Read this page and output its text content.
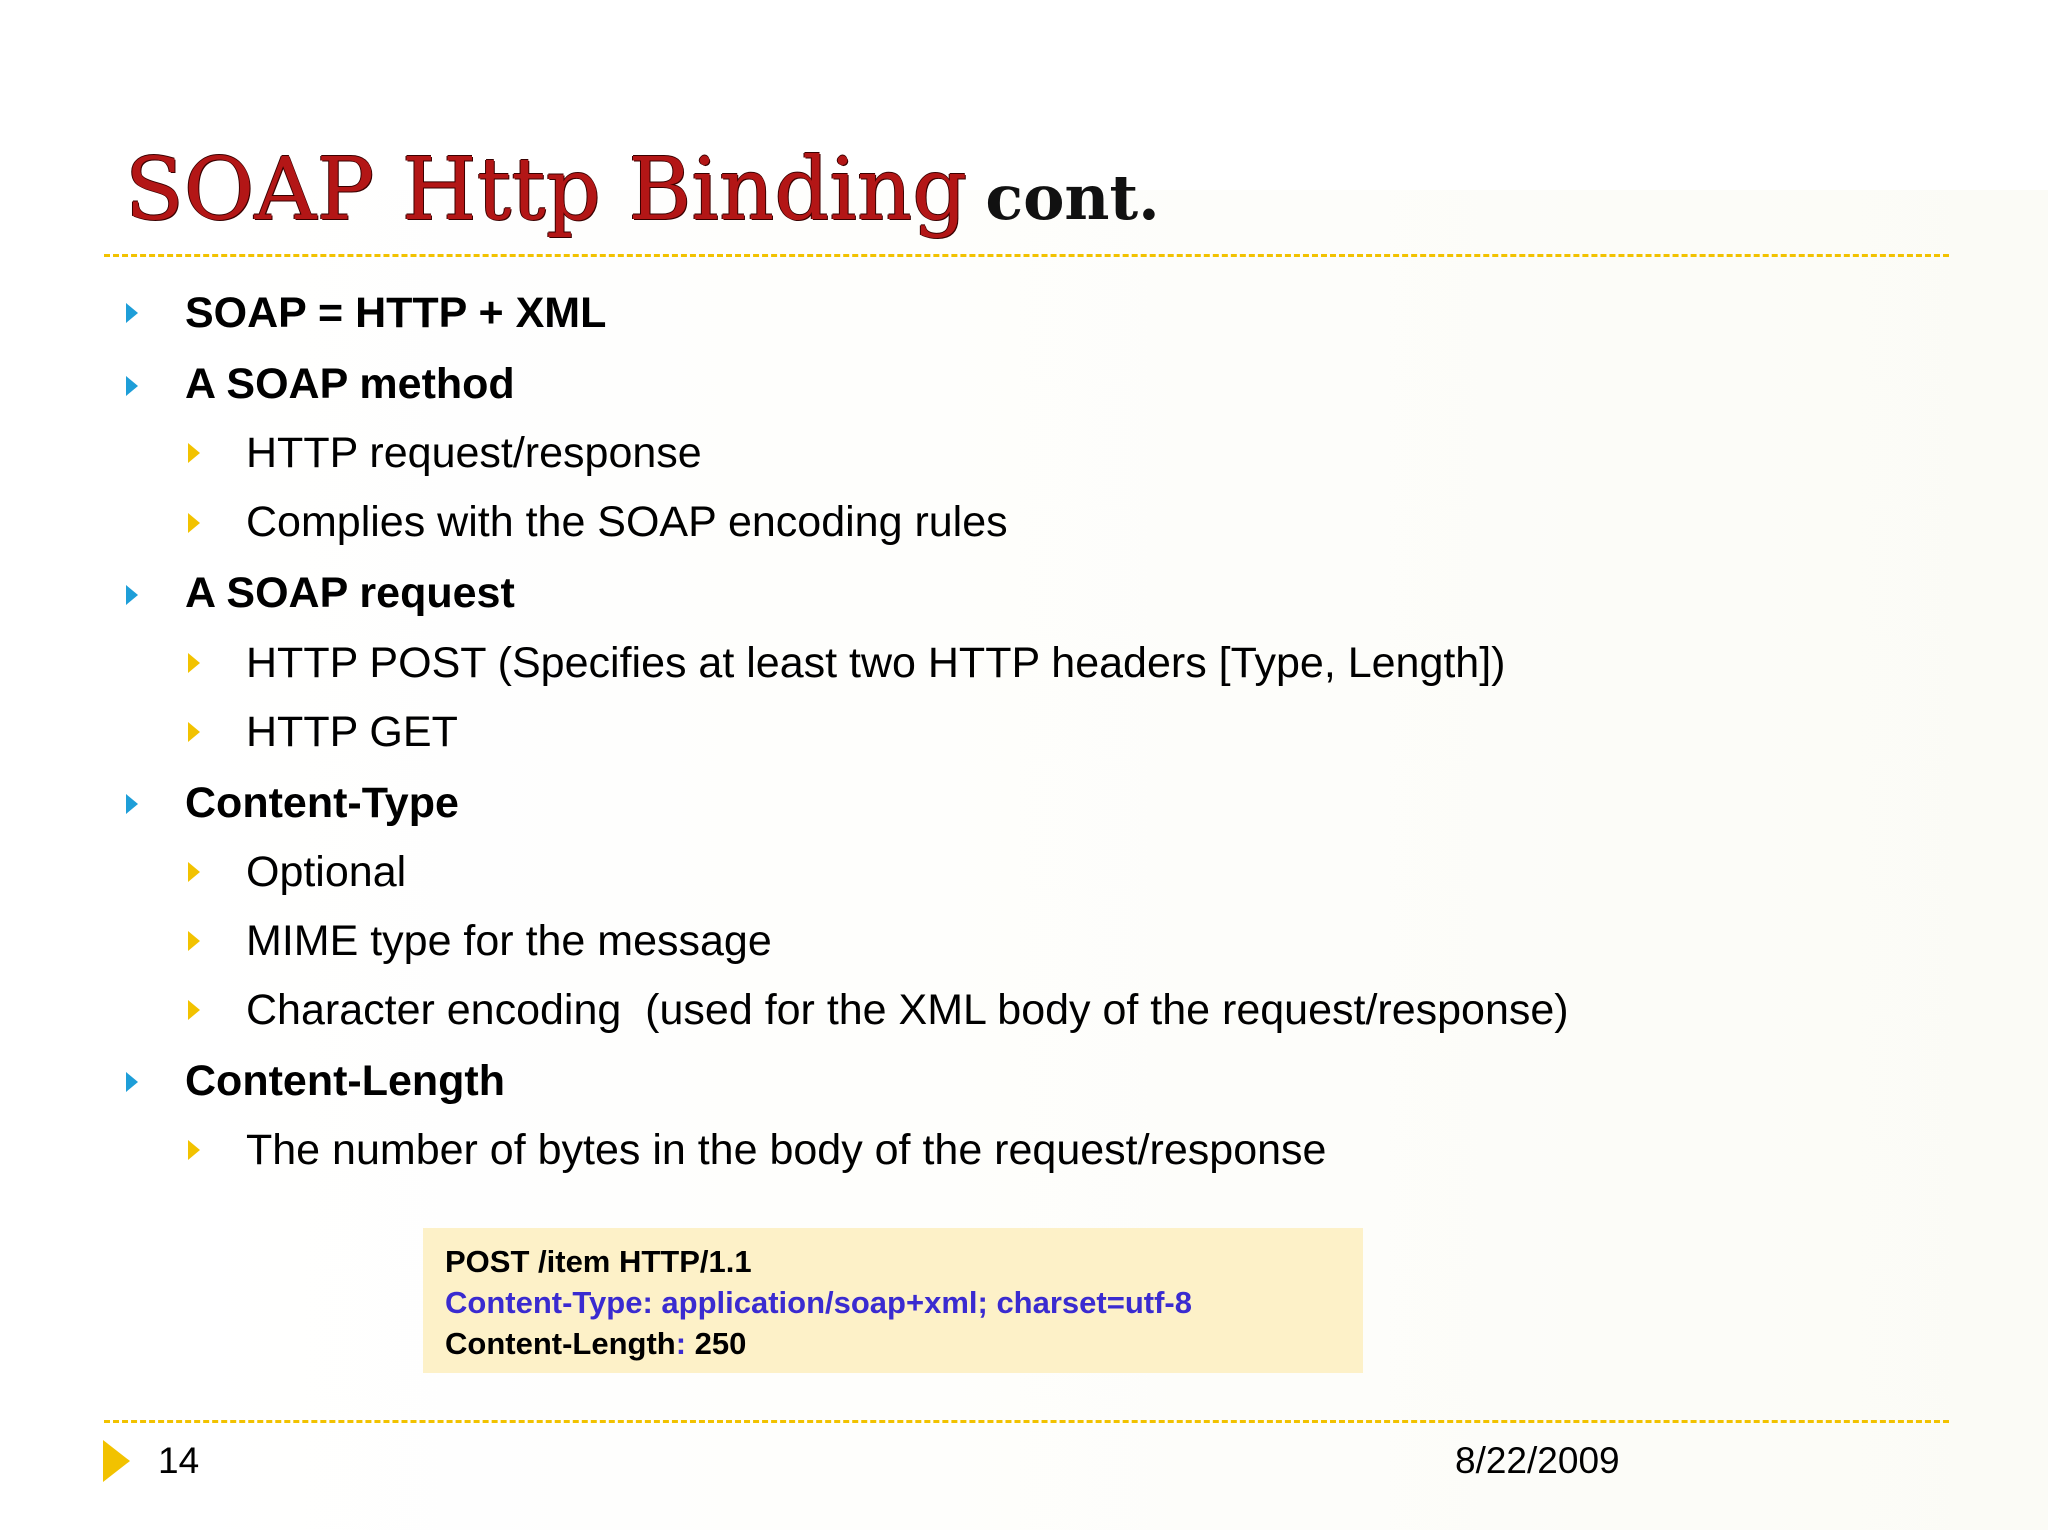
SOAP Http Binding cont.
SOAP = HTTP + XML
A SOAP method
HTTP request/response
Complies with the SOAP encoding rules
A SOAP request
HTTP POST (Specifies at least two HTTP headers [Type, Length])
HTTP GET
Content-Type
Optional
MIME type for the message
Character encoding  (used for the XML body of the request/response)
Content-Length
The number of bytes in the body of the request/response
POST /item HTTP/1.1
Content-Type: application/soap+xml; charset=utf-8
Content-Length: 250
14	8/22/2009
